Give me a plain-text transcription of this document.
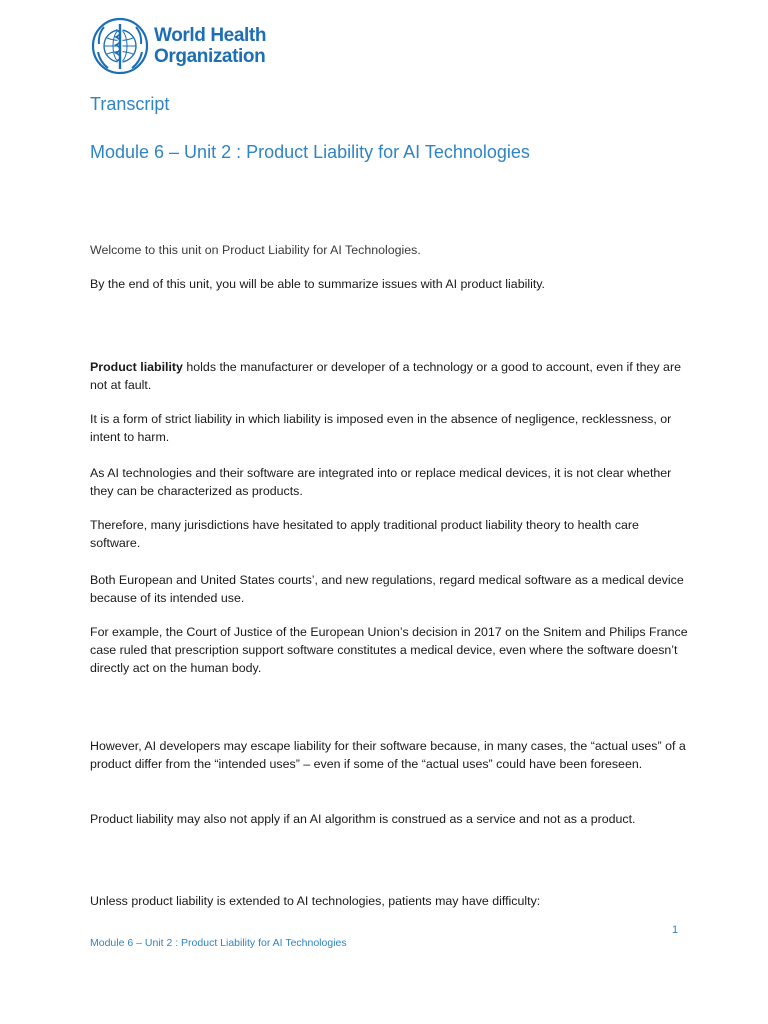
World Health
Organization
Transcript
Module 6 – Unit 2 : Product Liability for AI Technologies

Welcome to this unit on Product Liability for AI Technologies.

By the end of this unit, you will be able to summarize issues with AI product liability.

Product liability holds the manufacturer or developer of a technology or a good to account, even if they are not at fault.

It is a form of strict liability in which liability is imposed even in the absence of negligence, recklessness, or intent to harm.

As AI technologies and their software are integrated into or replace medical devices, it is not clear whether they can be characterized as products.

Therefore, many jurisdictions have hesitated to apply traditional product liability theory to health care software.

Both European and United States courts’, and new regulations, regard medical software as a medical device because of its intended use.

For example, the Court of Justice of the European Union’s decision in 2017 on the Snitem and Philips France case ruled that prescription support software constitutes a medical device, even where the software doesn’t directly act on the human body.

However, AI developers may escape liability for their software because, in many cases, the “actual uses” of a product differ from the “intended uses” – even if some of the “actual uses” could have been foreseen.

Product liability may also not apply if an AI algorithm is construed as a service and not as a product.

Unless product liability is extended to AI technologies, patients may have difficulty:

1
Module 6 – Unit 2 : Product Liability for AI Technologies
